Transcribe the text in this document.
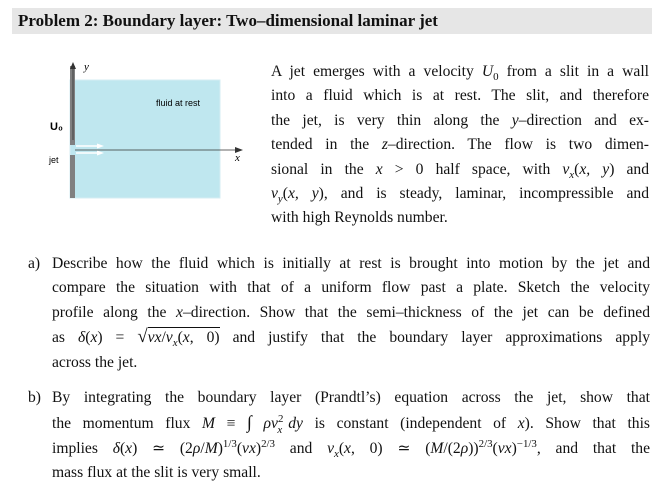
Problem 2: Boundary layer: Two–dimensional laminar jet
y
x
fluid at rest
U₀
jet
A jet emerges with a velocity $U_0$ from a slit in a wall
into a fluid which is at rest. The slit, and therefore
the jet, is very thin along the y–direction and ex-
tended in the z–direction. The flow is two dimen-
sional in the x > 0 half space, with $v_x(x$, y) and
$v_y(x$, y), and is steady, laminar, incompressible and
with high Reynolds number.
a) Describe how the fluid which is initially at rest is brought into motion by the jet and
compare the situation with that of a uniform flow past a plate. Sketch the velocity
profile along the x–direction. Show that the semi–thickness of the jet can be defined
as $\delta(x) = √\nu x/v_x(x$, 0) and justify that the boundary layer approximations apply
across the jet.
b) By integrating the boundary layer (Prandtl’s) equation across the jet, show that
the momentum flux M ≡ ∫ $\rho v^2_x$ dy is constant (independent of x). Show that this
implies δ(x) ≃ $(2\rho/M)^{1/3}(\nu x)^{2/3}$ and $v_x(x$, 0) ≃ $(M/(2\rho))^{2/3}(\nu x)^{-1/3}$, and that the
mass flux at the slit is very small.
